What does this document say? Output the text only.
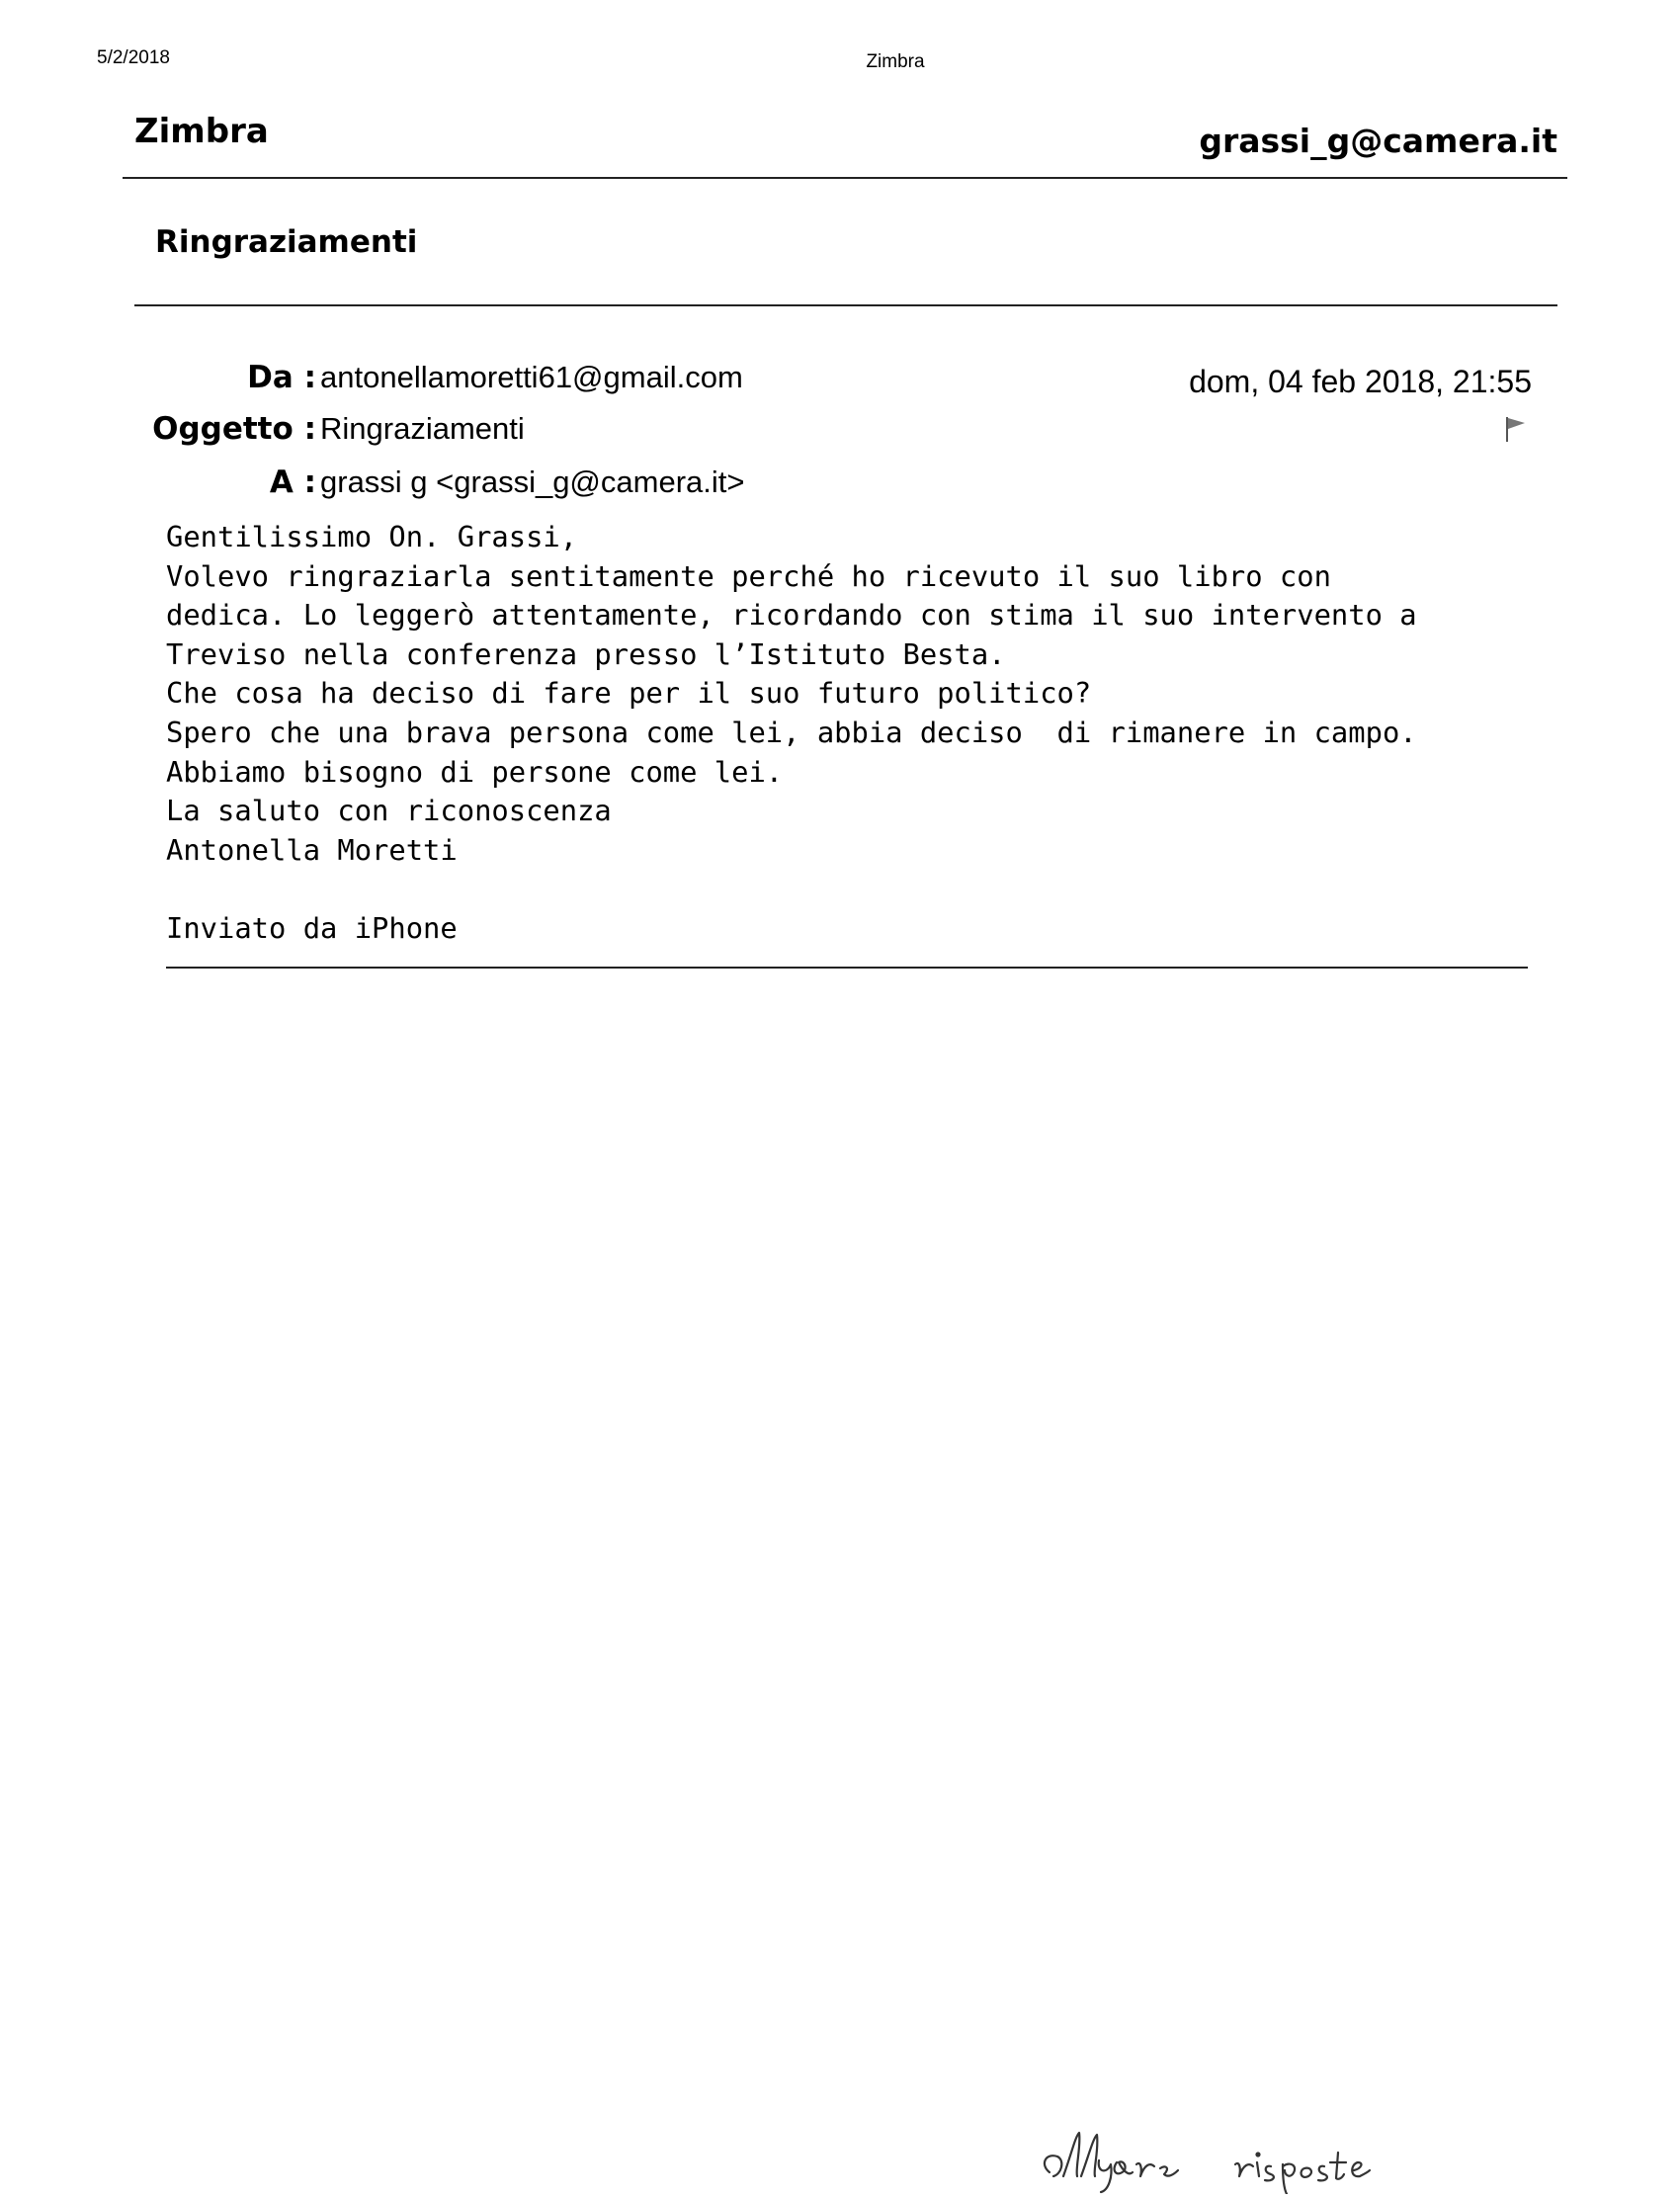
5/2/2018	Zimbra
Zimbra	grassi_g@camera.it
Ringraziamenti
Da : antonellamoretti61@gmail.com	dom, 04 feb 2018, 21:55
Oggetto : Ringraziamenti
A : grassi g <grassi_g@camera.it>
Gentilissimo On. Grassi,
Volevo ringraziarla sentitamente perché ho ricevuto il suo libro con
dedica. Lo leggerò attentamente, ricordando con stima il suo intervento a
Treviso nella conferenza presso l’Istituto Besta.
Che cosa ha deciso di fare per il suo futuro politico?
Spero che una brava persona come lei, abbia deciso  di rimanere in campo.
Abbiamo bisogno di persone come lei.
La saluto con riconoscenza
Antonella Moretti
Inviato da iPhone
